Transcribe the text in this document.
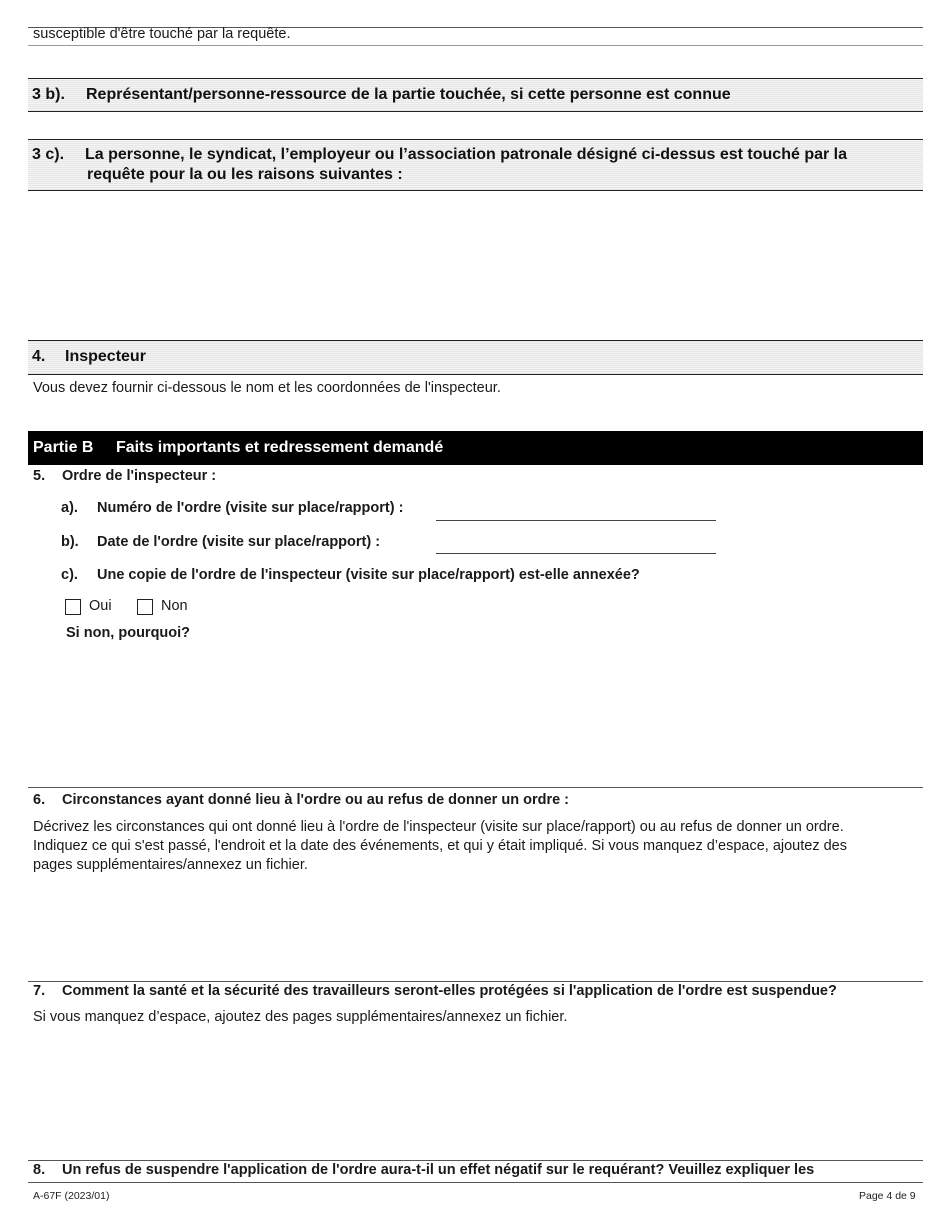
susceptible d'être touché par la requête.
3 b). Représentant/personne-ressource de la partie touchée, si cette personne est connue
3 c). La personne, le syndicat, l’employeur ou l’association patronale désigné ci-dessus est touché par la
requête pour la ou les raisons suivantes :
4. Inspecteur
Vous devez fournir ci-dessous le nom et les coordonnées de l'inspecteur.
Partie B Faits importants et redressement demandé
5. Ordre de l'inspecteur :
a). Numéro de l'ordre (visite sur place/rapport) :
b). Date de l'ordre (visite sur place/rapport) :
c). Une copie de l'ordre de l'inspecteur (visite sur place/rapport) est-elle annexée?
Oui	Non
Si non, pourquoi?
6. Circonstances ayant donné lieu à l'ordre ou au refus de donner un ordre :
Décrivez les circonstances qui ont donné lieu à l'ordre de l'inspecteur (visite sur place/rapport) ou au refus de donner un ordre.
Indiquez ce qui s'est passé, l'endroit et la date des événements, et qui y était impliqué. Si vous manquez d’espace, ajoutez des
pages supplémentaires/annexez un fichier.
7. Comment la santé et la sécurité des travailleurs seront-elles protégées si l'application de l'ordre est suspendue?
Si vous manquez d’espace, ajoutez des pages supplémentaires/annexez un fichier.
8. Un refus de suspendre l'application de l'ordre aura-t-il un effet négatif sur le requérant? Veuillez expliquer les
A-67F (2023/01)	Page 4 de 9
